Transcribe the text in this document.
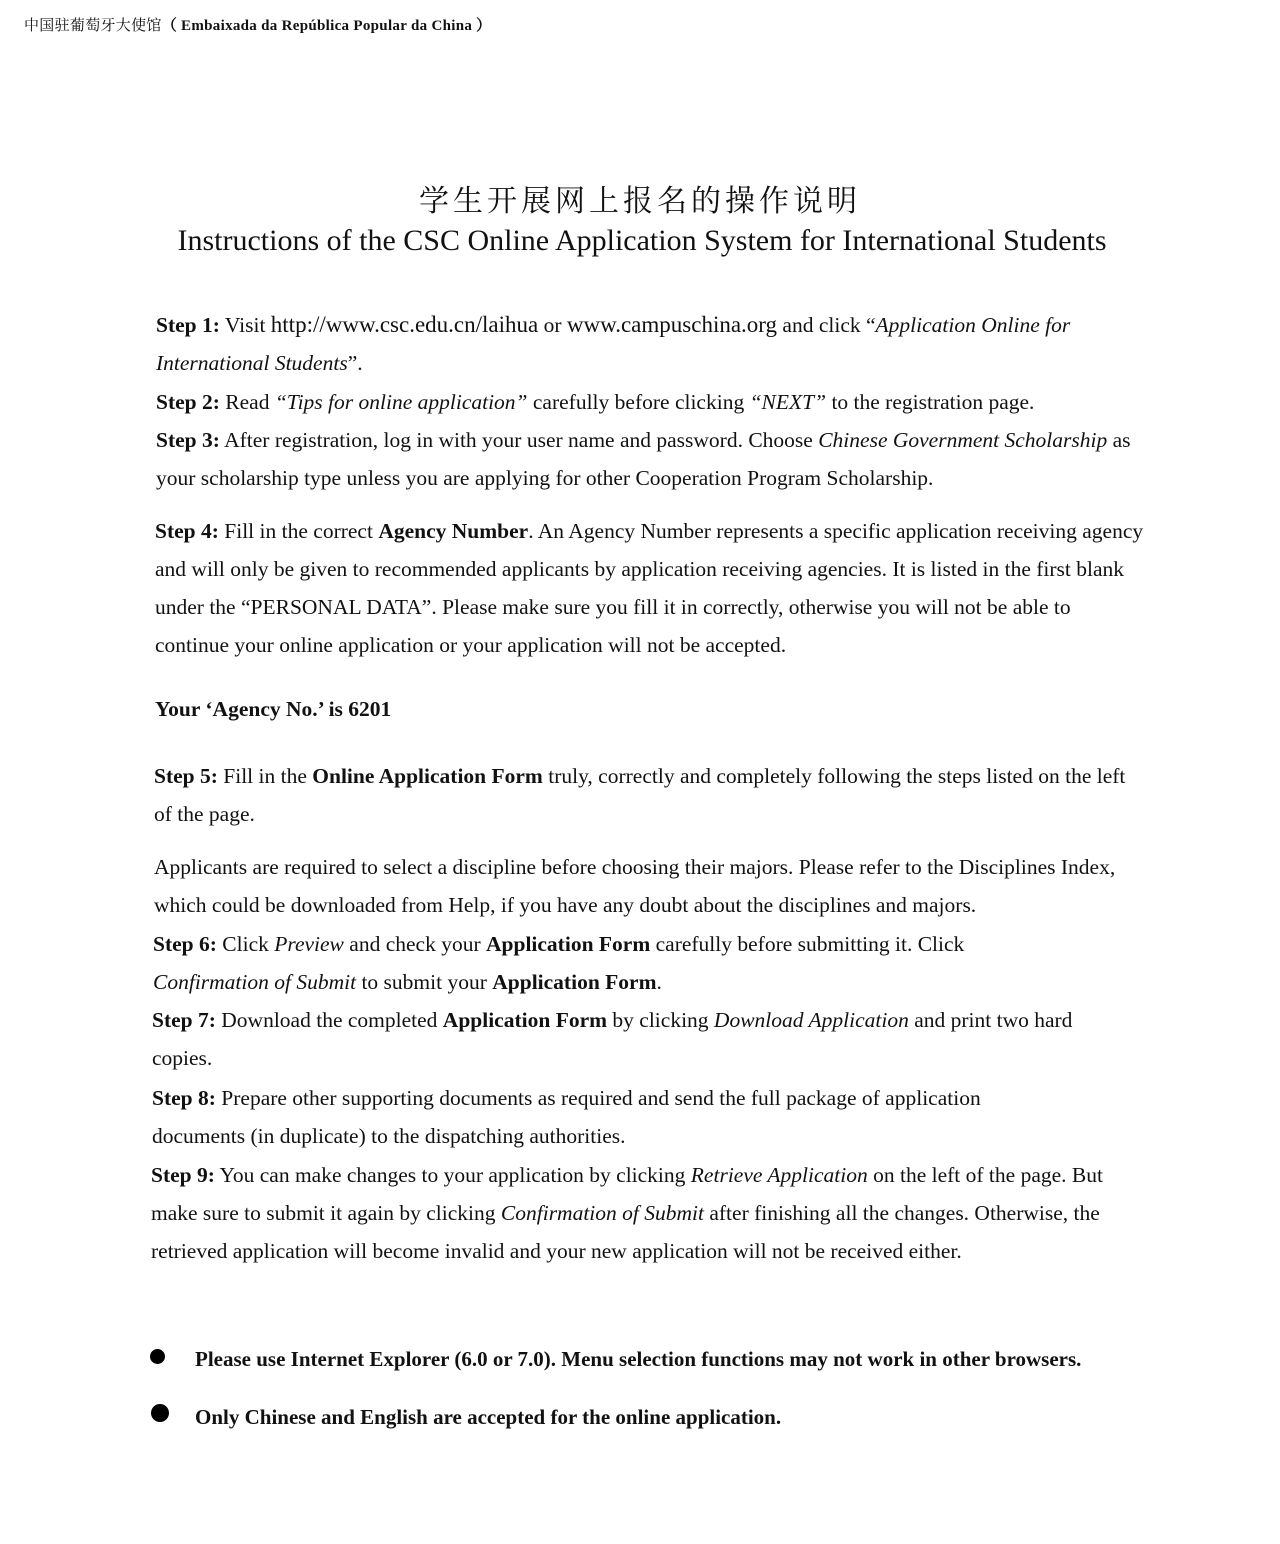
中国驻葡萄牙大使馆（ Embaixada da República Popular da China ）
学生开展网上报名的操作说明
Instructions of the CSC Online Application System for International Students
Step 1: Visit http://www.csc.edu.cn/laihua or www.campuschina.org and click “Application Online for International Students”.
Step 2: Read “Tips for online application” carefully before clicking “NEXT” to the registration page.
Step 3: After registration, log in with your user name and password. Choose Chinese Government Scholarship as your scholarship type unless you are applying for other Cooperation Program Scholarship.
Step 4: Fill in the correct Agency Number. An Agency Number represents a specific application receiving agency and will only be given to recommended applicants by application receiving agencies. It is listed in the first blank under the “PERSONAL DATA”. Please make sure you fill it in correctly, otherwise you will not be able to continue your online application or your application will not be accepted.
Your ‘Agency No.’ is 6201
Step 5: Fill in the Online Application Form truly, correctly and completely following the steps listed on the left of the page.
Applicants are required to select a discipline before choosing their majors. Please refer to the Disciplines Index, which could be downloaded from Help, if you have any doubt about the disciplines and majors.
Step 6: Click Preview and check your Application Form carefully before submitting it. Click Confirmation of Submit to submit your Application Form.
Step 7: Download the completed Application Form by clicking Download Application and print two hard copies.
Step 8: Prepare other supporting documents as required and send the full package of application documents (in duplicate) to the dispatching authorities.
Step 9: You can make changes to your application by clicking Retrieve Application on the left of the page. But make sure to submit it again by clicking Confirmation of Submit after finishing all the changes. Otherwise, the retrieved application will become invalid and your new application will not be received either.
Please use Internet Explorer (6.0 or 7.0). Menu selection functions may not work in other browsers.
Only Chinese and English are accepted for the online application.
